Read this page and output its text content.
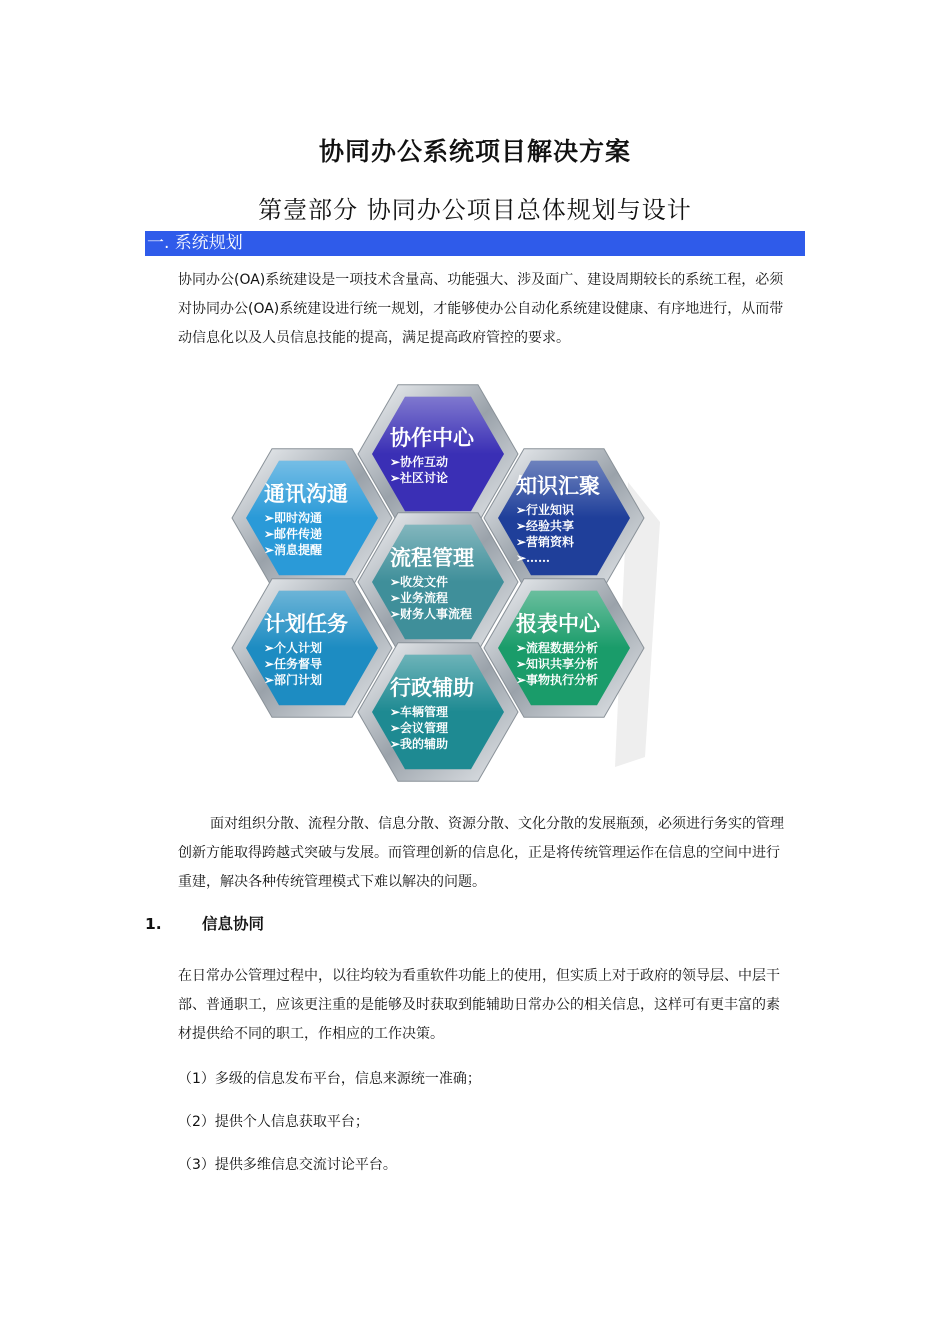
协同办公系统项目解决方案
第壹部分 协同办公项目总体规划与设计
一. 系统规划
协同办公(OA)系统建设是一项技术含量高、功能强大、涉及面广、建设周期较长的系统工程，必须
对协同办公(OA)系统建设进行统一规划，才能够使办公自动化系统建设健康、有序地进行，从而带
动信息化以及人员信息技能的提高，满足提高政府管控的要求。
协作中心
➢协作互动
➢社区讨论
通讯沟通
➢即时沟通
➢邮件传递
➢消息提醒
知识汇聚
➢行业知识
➢经验共享
➢营销资料
➢……
流程管理
➢收发文件
➢业务流程
➢财务人事流程
计划任务
➢个人计划
➢任务督导
➢部门计划
报表中心
➢流程数据分析
➢知识共享分析
➢事物执行分析
行政辅助
➢车辆管理
➢会议管理
➢我的辅助
面对组织分散、流程分散、信息分散、资源分散、文化分散的发展瓶颈，必须进行务实的管理
创新方能取得跨越式突破与发展。而管理创新的信息化，正是将传统管理运作在信息的空间中进行
重建，解决各种传统管理模式下难以解决的问题。
1.	信息协同
在日常办公管理过程中，以往均较为看重软件功能上的使用，但实质上对于政府的领导层、中层干
部、普通职工，应该更注重的是能够及时获取到能辅助日常办公的相关信息，这样可有更丰富的素
材提供给不同的职工，作相应的工作决策。
（1）多级的信息发布平台，信息来源统一准确；
（2）提供个人信息获取平台；
（3）提供多维信息交流讨论平台。
